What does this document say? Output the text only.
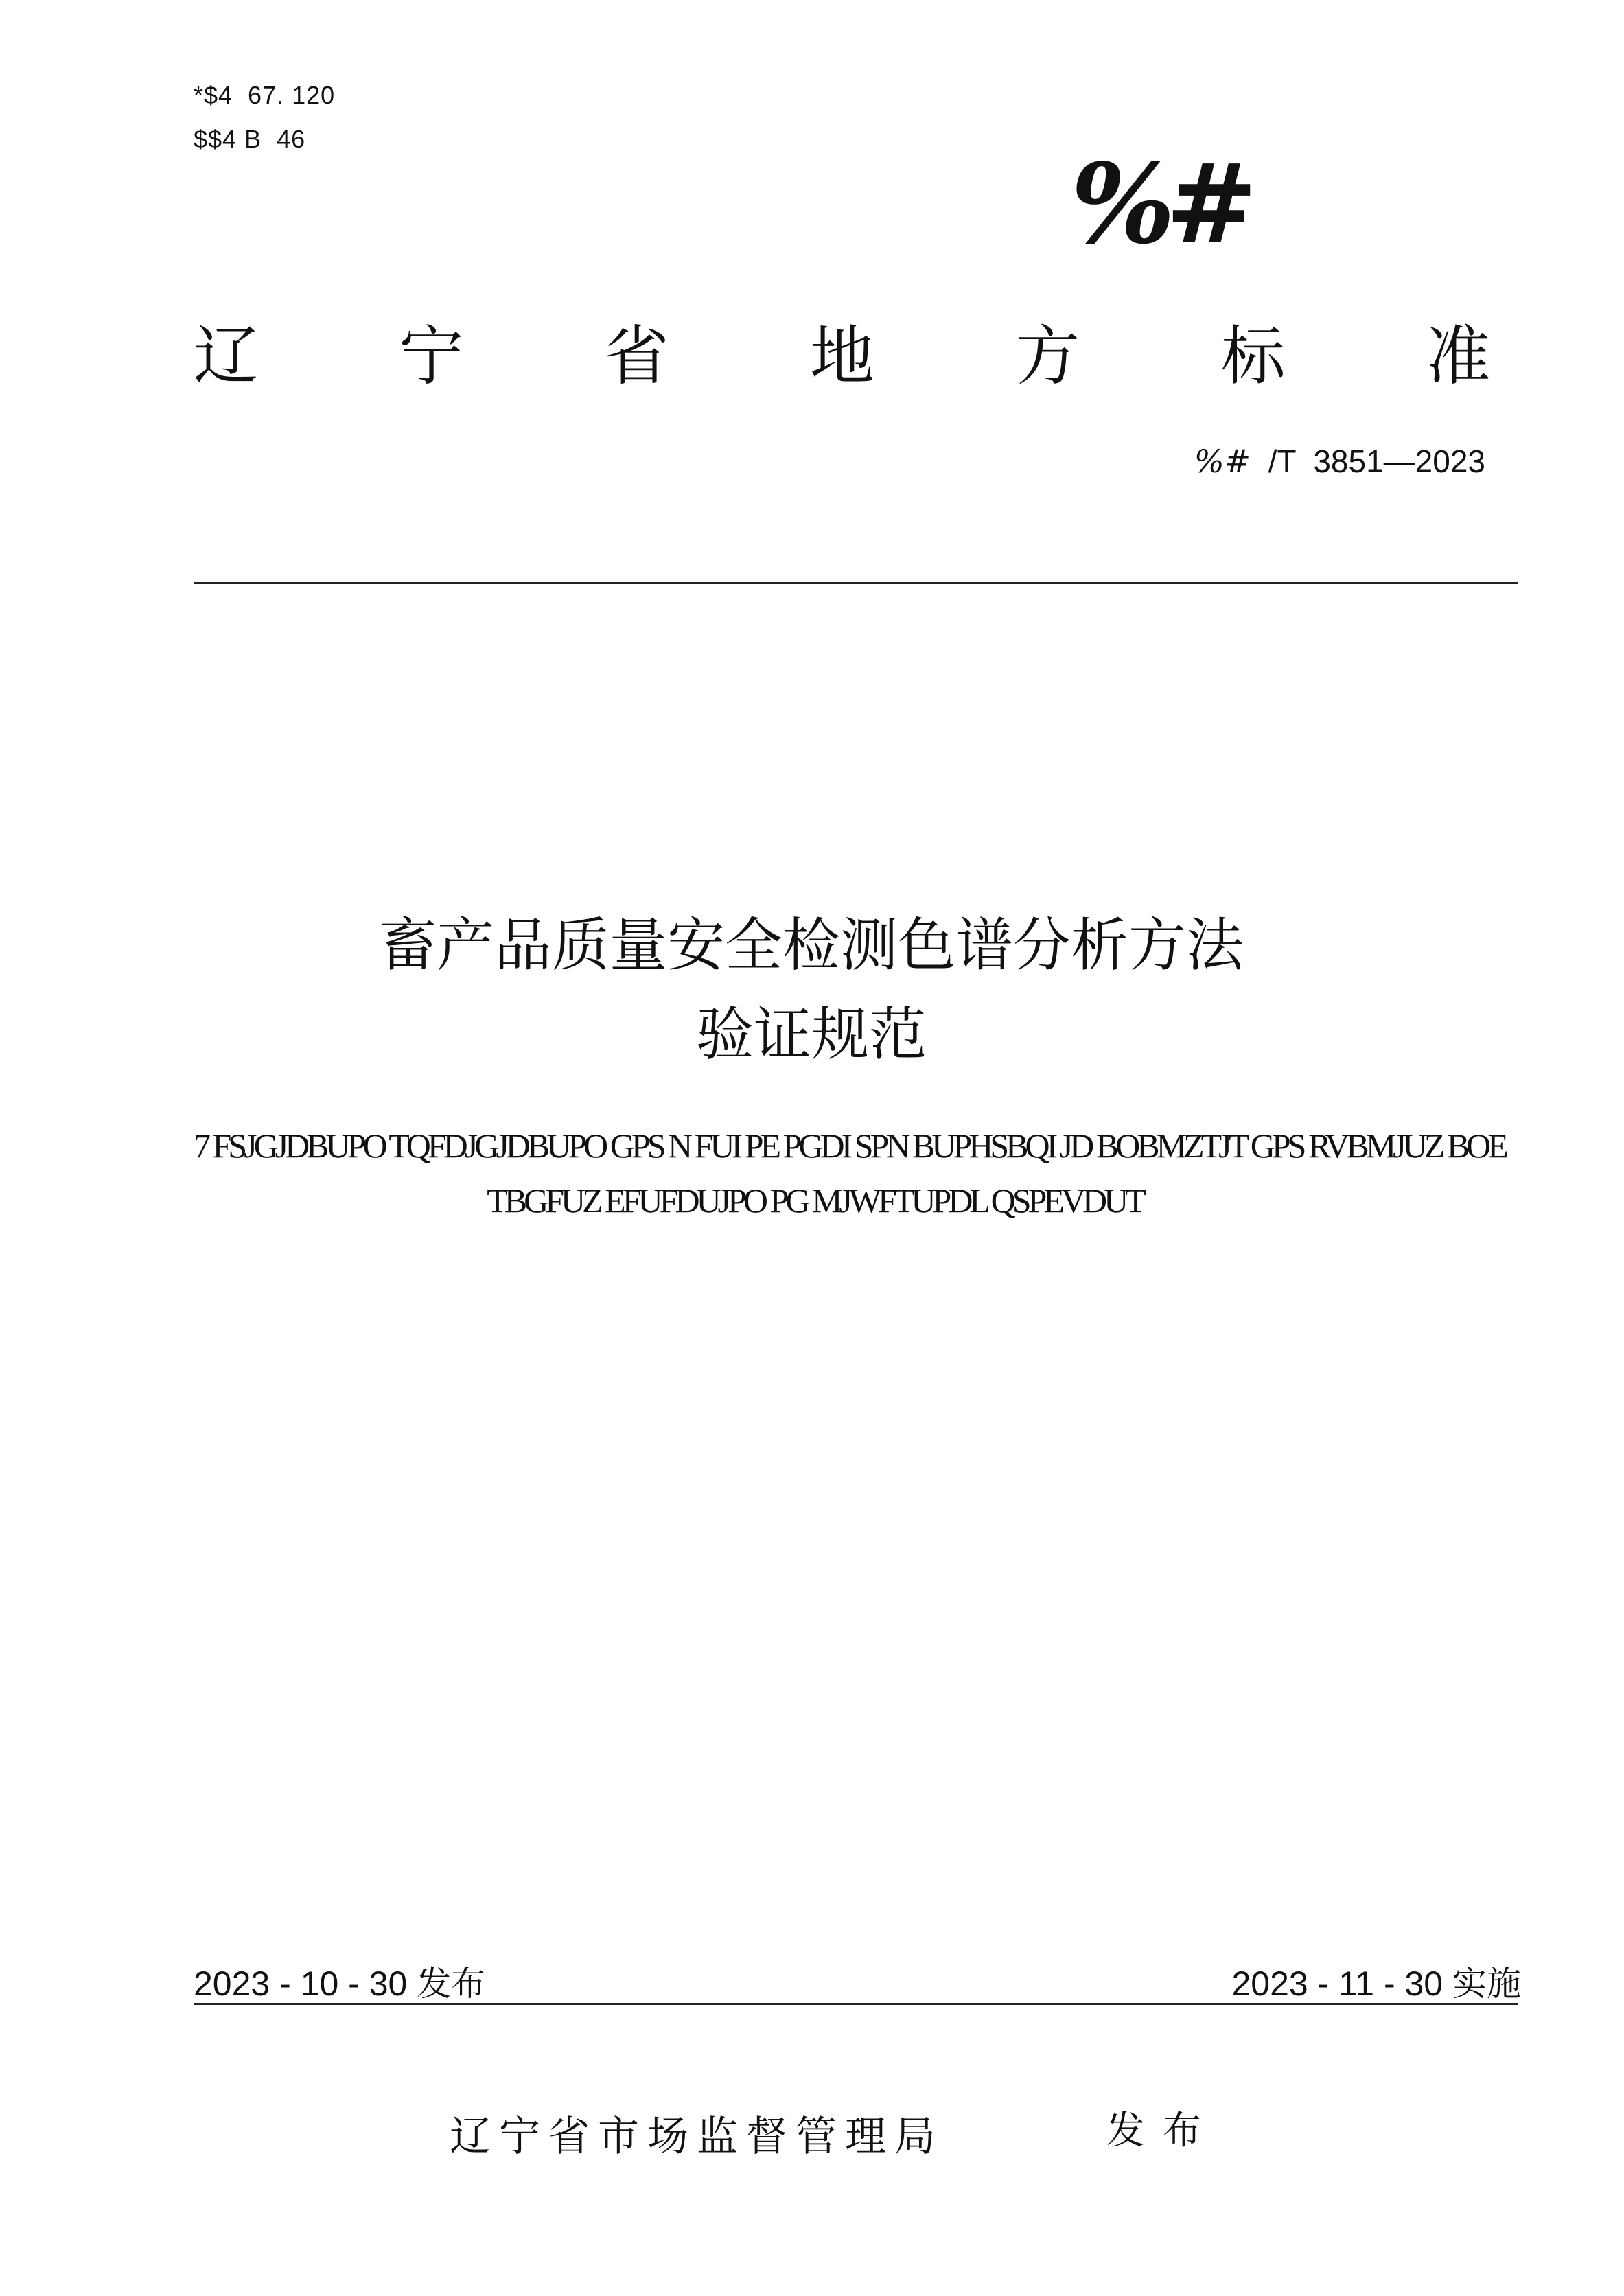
*$4  67. 120
$$4 B  46
%#
辽 宁 省 地 方 标 准
%#  /T  3851—2023
畜产品质量安全检测色谱分析方法
验证规范
7 FSJGJDBUPO TQFDJGJDBUPO GPS N FUI PE PGDI SPN BUPHSBQI JD BOBMZTJT GPS RVBMJUZ BOE
TBGFUZ EFUFDUJPO PG MJWFTUPDL QSPEVDUT
2023 - 10 - 30 发布	2023 - 11 - 30 实施
辽宁省市场监督管理局	发布
